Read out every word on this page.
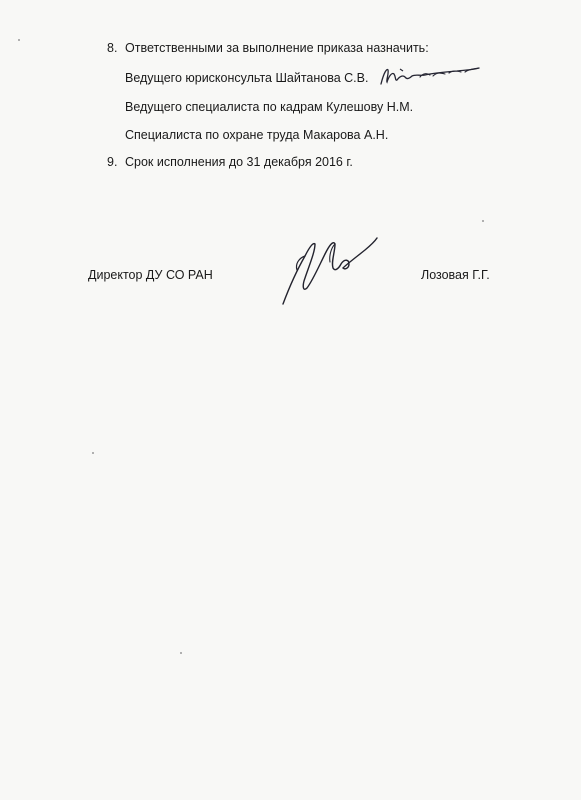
8. Ответственными за выполнение приказа назначить:
Ведущего юрисконсульта Шайтанова С.В.
Ведущего специалиста по кадрам Кулешову Н.М.
Специалиста по охране труда Макарова А.Н.
9. Срок исполнения до 31 декабря 2016 г.
Директор ДУ СО РАН	Лозовая Г.Г.
